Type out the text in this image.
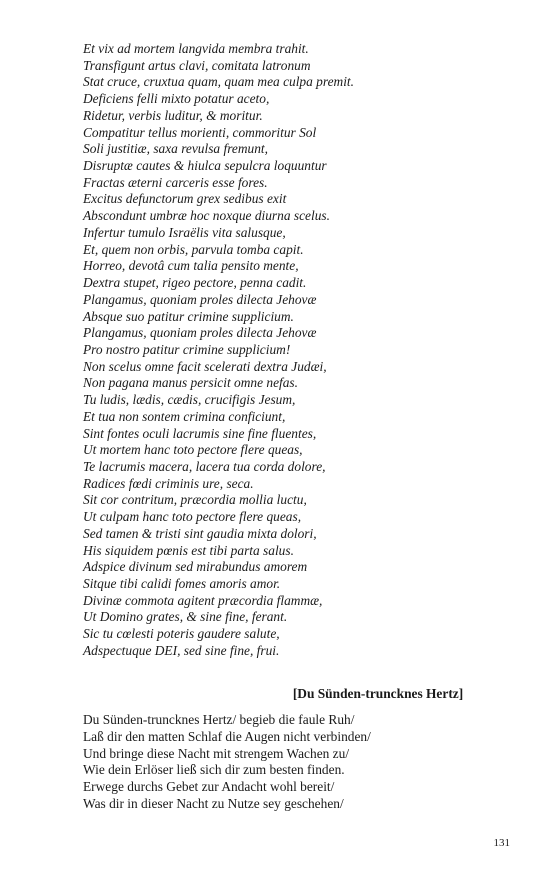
Et vix ad mortem langvida membra trahit.
Transfigunt artus clavi, comitata latronum
Stat cruce, cruxtua quam, quam mea culpa premit.
Deficiens felli mixto potatur aceto,
Ridetur, verbis luditur, & moritur.
Compatitur tellus morienti, commoritur Sol
Soli justitiæ, saxa revulsa fremunt,
Disruptæ cautes & hiulca sepulcra loquuntur
Fractas æterni carceris esse fores.
Excitus defunctorum grex sedibus exit
Abscondunt umbræ hoc noxque diurna scelus.
Infertur tumulo Israëlis vita salusque,
Et, quem non orbis, parvula tomba capit.
Horreo, devotâ cum talia pensito mente,
Dextra stupet, rigeo pectore, penna cadit.
Plangamus, quoniam proles dilecta Jehovæ
Absque suo patitur crimine supplicium.
Plangamus, quoniam proles dilecta Jehovæ
Pro nostro patitur crimine supplicium!
Non scelus omne facit scelerati dextra Judæi,
Non pagana manus persicit omne nefas.
Tu ludis, lædis, cædis, crucifigis Jesum,
Et tua non sontem crimina conficiunt,
Sint fontes oculi lacrumis sine fine fluentes,
Ut mortem hanc toto pectore flere queas,
Te lacrumis macera, lacera tua corda dolore,
Radices fœdi criminis ure, seca.
Sit cor contritum, præcordia mollia luctu,
Ut culpam hanc toto pectore flere queas,
Sed tamen & tristi sint gaudia mixta dolori,
His siquidem pœnis est tibi parta salus.
Adspice divinum sed mirabundus amorem
Sitque tibi calidi fomes amoris amor.
Divinæ commota agitent præcordia flammæ,
Ut Domino grates, & sine fine, ferant.
Sic tu cœlesti poteris gaudere salute,
Adspectuque DEI, sed sine fine, frui.
[Du Sünden-truncknes Hertz]
Du Sünden-truncknes Hertz/ begieb die faule Ruh/
Laß dir den matten Schlaf die Augen nicht verbinden/
Und bringe diese Nacht mit strengem Wachen zu/
Wie dein Erlöser ließ sich dir zum besten finden.
Erwege durchs Gebet zur Andacht wohl bereit/
Was dir in dieser Nacht zu Nutze sey geschehen/
131
